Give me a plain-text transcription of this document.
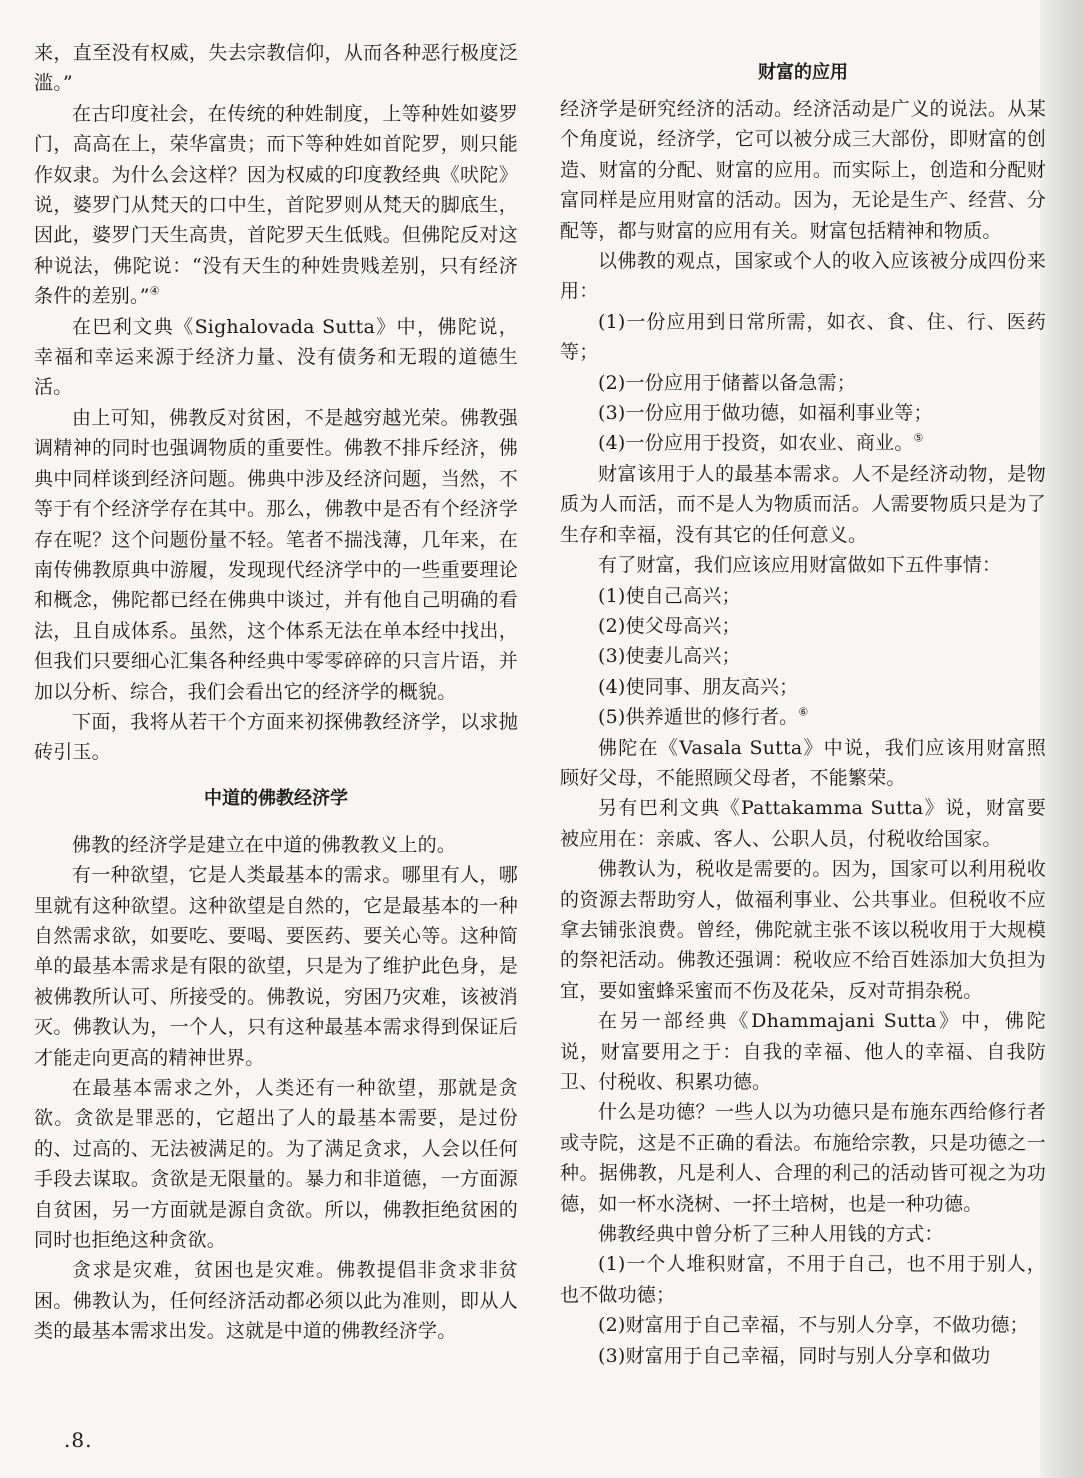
来，直至没有权威，失去宗教信仰，从而各种恶行极度泛滥。”

在古印度社会，在传统的种姓制度，上等种姓如婆罗门，高高在上，荣华富贵；而下等种姓如首陀罗，则只能作奴隶。为什么会这样？因为权威的印度教经典《吠陀》说，婆罗门从梵天的口中生，首陀罗则从梵天的脚底生，因此，婆罗门天生高贵，首陀罗天生低贱。但佛陀反对这种说法，佛陀说：“没有天生的种姓贵贱差别，只有经济条件的差别。”④

在巴利文典《Sighalovada Sutta》中，佛陀说，幸福和幸运来源于经济力量、没有债务和无瑕的道德生活。

由上可知，佛教反对贫困，不是越穷越光荣。佛教强调精神的同时也强调物质的重要性。佛教不排斥经济，佛典中同样谈到经济问题。佛典中涉及经济问题，当然，不等于有个经济学存在其中。那么，佛教中是否有个经济学存在呢？这个问题份量不轻。笔者不揣浅薄，几年来，在南传佛教原典中游履，发现现代经济学中的一些重要理论和概念，佛陀都已经在佛典中谈过，并有他自己明确的看法，且自成体系。虽然，这个体系无法在单本经中找出，但我们只要细心汇集各种经典中零零碎碎的只言片语，并加以分析、综合，我们会看出它的经济学的概貌。

下面，我将从若干个方面来初探佛教经济学，以求抛砖引玉。

中道的佛教经济学

佛教的经济学是建立在中道的佛教教义上的。

有一种欲望，它是人类最基本的需求。哪里有人，哪里就有这种欲望。这种欲望是自然的，它是最基本的一种自然需求欲，如要吃、要喝、要医药、要关心等。这种简单的最基本需求是有限的欲望，只是为了维护此色身，是被佛教所认可、所接受的。佛教说，穷困乃灾难，该被消灭。佛教认为，一个人，只有这种最基本需求得到保证后才能走向更高的精神世界。

在最基本需求之外，人类还有一种欲望，那就是贪欲。贪欲是罪恶的，它超出了人的最基本需要，是过份的、过高的、无法被满足的。为了满足贪求，人会以任何手段去谋取。贪欲是无限量的。暴力和非道德，一方面源自贫困，另一方面就是源自贪欲。所以，佛教拒绝贫困的同时也拒绝这种贪欲。

贪求是灾难，贫困也是灾难。佛教提倡非贪求非贫困。佛教认为，任何经济活动都必须以此为准则，即从人类的最基本需求出发。这就是中道的佛教经济学。

财富的应用

经济学是研究经济的活动。经济活动是广义的说法。从某个角度说，经济学，它可以被分成三大部份，即财富的创造、财富的分配、财富的应用。而实际上，创造和分配财富同样是应用财富的活动。因为，无论是生产、经营、分配等，都与财富的应用有关。财富包括精神和物质。

以佛教的观点，国家或个人的收入应该被分成四份来用：

(1)一份应用到日常所需，如衣、食、住、行、医药等；

(2)一份应用于储蓄以备急需；

(3)一份应用于做功德，如福利事业等；

(4)一份应用于投资，如农业、商业。⑤

财富该用于人的最基本需求。人不是经济动物，是物质为人而活，而不是人为物质而活。人需要物质只是为了生存和幸福，没有其它的任何意义。

有了财富，我们应该应用财富做如下五件事情：

(1)使自己高兴；

(2)使父母高兴；

(3)使妻儿高兴；

(4)使同事、朋友高兴；

(5)供养遁世的修行者。⑥

佛陀在《Vasala Sutta》中说，我们应该用财富照顾好父母，不能照顾父母者，不能繁荣。

另有巴利文典《Pattakamma Sutta》说，财富要被应用在：亲戚、客人、公职人员，付税收给国家。

佛教认为，税收是需要的。因为，国家可以利用税收的资源去帮助穷人，做福利事业、公共事业。但税收不应拿去铺张浪费。曾经，佛陀就主张不该以税收用于大规模的祭祀活动。佛教还强调：税收应不给百姓添加大负担为宜，要如蜜蜂采蜜而不伤及花朵，反对苛捐杂税。

在另一部经典《Dhammajani Sutta》中，佛陀说，财富要用之于：自我的幸福、他人的幸福、自我防卫、付税收、积累功德。

什么是功德？一些人以为功德只是布施东西给修行者或寺院，这是不正确的看法。布施给宗教，只是功德之一种。据佛教，凡是利人、合理的利己的活动皆可视之为功德，如一杯水浇树、一抔土培树，也是一种功德。

佛教经典中曾分析了三种人用钱的方式：

(1)一个人堆积财富，不用于自己，也不用于别人，也不做功德；

(2)财富用于自己幸福，不与别人分享，不做功德；

(3)财富用于自己幸福，同时与别人分享和做功

.8.
